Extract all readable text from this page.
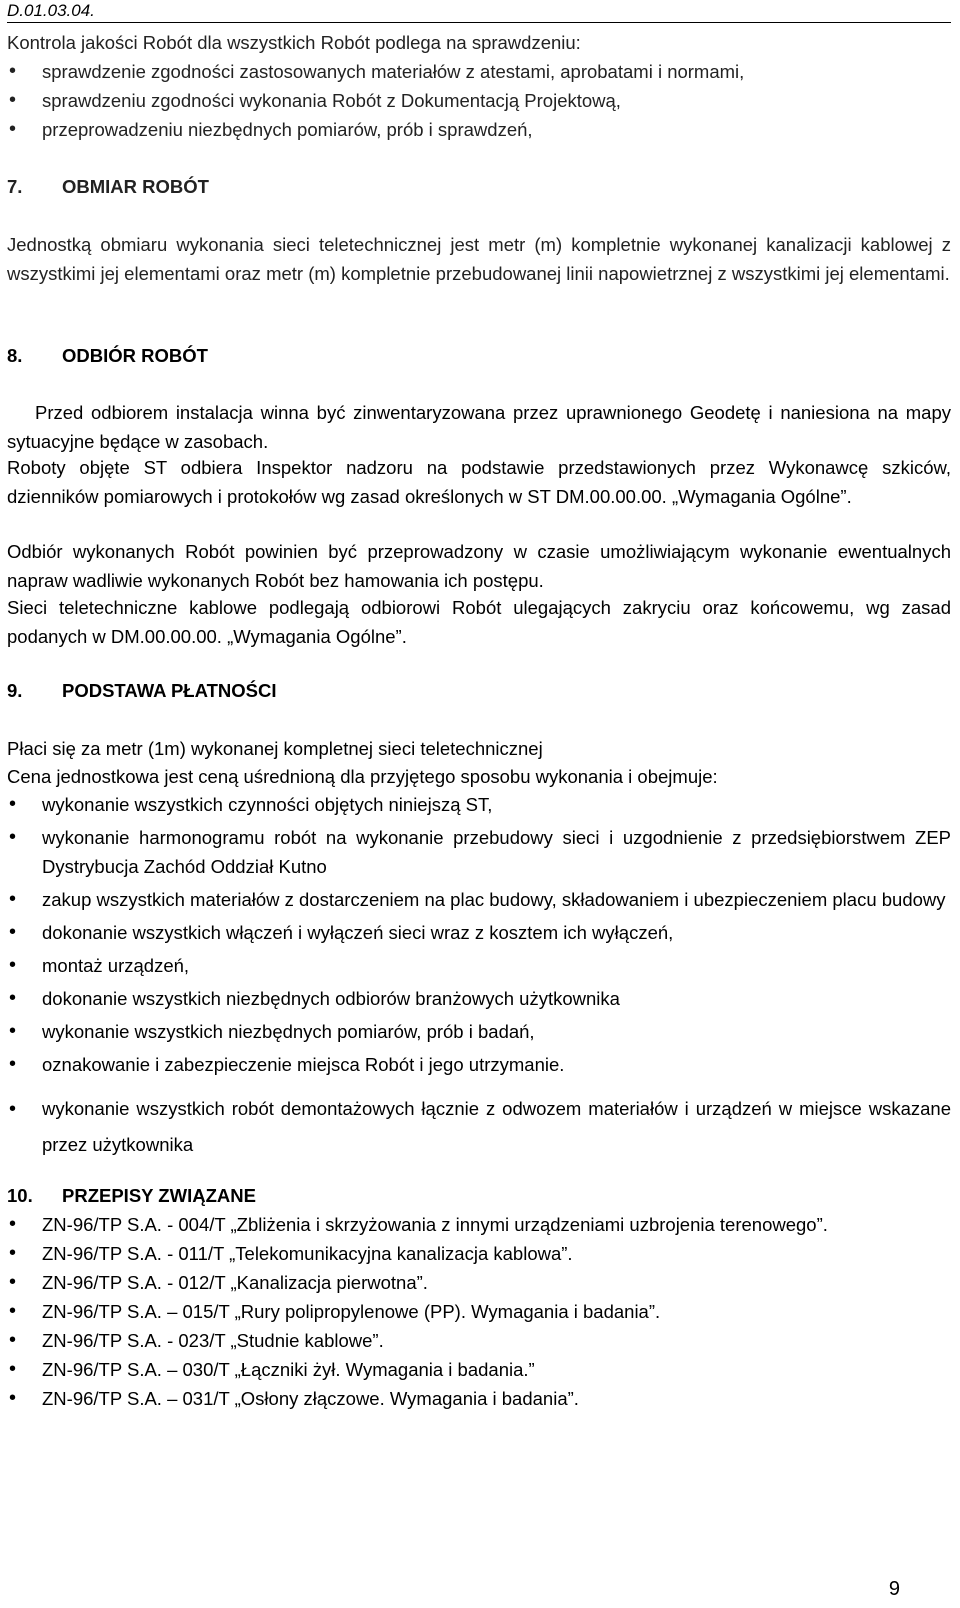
D.01.03.04.
Kontrola jakości Robót dla wszystkich Robót podlega na sprawdzeniu:
• sprawdzenie zgodności zastosowanych materiałów z atestami, aprobatami i normami,
• sprawdzeniu zgodności wykonania Robót z Dokumentacją Projektową,
• przeprowadzeniu niezbędnych pomiarów, prób i sprawdzeń,
7. OBMIAR ROBÓT
Jednostką obmiaru wykonania sieci teletechnicznej jest metr (m) kompletnie wykonanej kanalizacji kablowej z wszystkimi jej elementami oraz metr (m) kompletnie przebudowanej linii napowietrznej z wszystkimi jej elementami.
8. ODBIÓR ROBÓT
Przed odbiorem instalacja winna być zinwentaryzowana przez uprawnionego Geodetę i naniesiona na mapy sytuacyjne będące w zasobach.
Roboty objęte ST odbiera Inspektor nadzoru na podstawie przedstawionych przez Wykonawcę szkiców, dzienników pomiarowych i protokołów wg zasad określonych w ST DM.00.00.00. „Wymagania Ogólne”.
Odbiór wykonanych Robót powinien być przeprowadzony w czasie umożliwiającym wykonanie ewentualnych napraw wadliwie wykonanych Robót bez hamowania ich postępu.
Sieci teletechniczne kablowe podlegają odbiorowi Robót ulegających zakryciu oraz końcowemu, wg zasad podanych w DM.00.00.00. „Wymagania Ogólne”.
9. PODSTAWA PŁATNOŚCI
Płaci się za metr (1m) wykonanej kompletnej sieci teletechnicznej
Cena jednostkowa jest ceną uśrednioną dla przyjętego sposobu wykonania i obejmuje:
• wykonanie wszystkich czynności objętych niniejszą ST,
• wykonanie harmonogramu robót na wykonanie przebudowy sieci i uzgodnienie z przedsiębiorstwem ZEP Dystrybucja Zachód Oddział Kutno
• zakup wszystkich materiałów z dostarczeniem na plac budowy, składowaniem i ubezpieczeniem placu budowy
• dokonanie wszystkich włączeń i wyłączeń sieci wraz z kosztem ich wyłączeń,
• montaż urządzeń,
• dokonanie wszystkich niezbędnych odbiorów branżowych użytkownika
• wykonanie wszystkich niezbędnych pomiarów, prób i badań,
• oznakowanie i zabezpieczenie miejsca Robót i jego utrzymanie.
• wykonanie wszystkich robót demontażowych łącznie z odwozem materiałów i urządzeń w miejsce wskazane przez użytkownika
10. PRZEPISY ZWIĄZANE
• ZN-96/TP S.A. - 004/T „Zbliżenia i skrzyżowania z innymi urządzeniami uzbrojenia terenowego”.
• ZN-96/TP S.A. - 011/T „Telekomunikacyjna kanalizacja kablowa”.
• ZN-96/TP S.A. - 012/T „Kanalizacja pierwotna”.
• ZN-96/TP S.A. – 015/T „Rury polipropylenowe (PP). Wymagania i badania”.
• ZN-96/TP S.A. - 023/T „Studnie kablowe”.
• ZN-96/TP S.A. – 030/T „Łączniki żył. Wymagania i badania.”
• ZN-96/TP S.A. – 031/T „Osłony złączowe. Wymagania i badania”.
9
